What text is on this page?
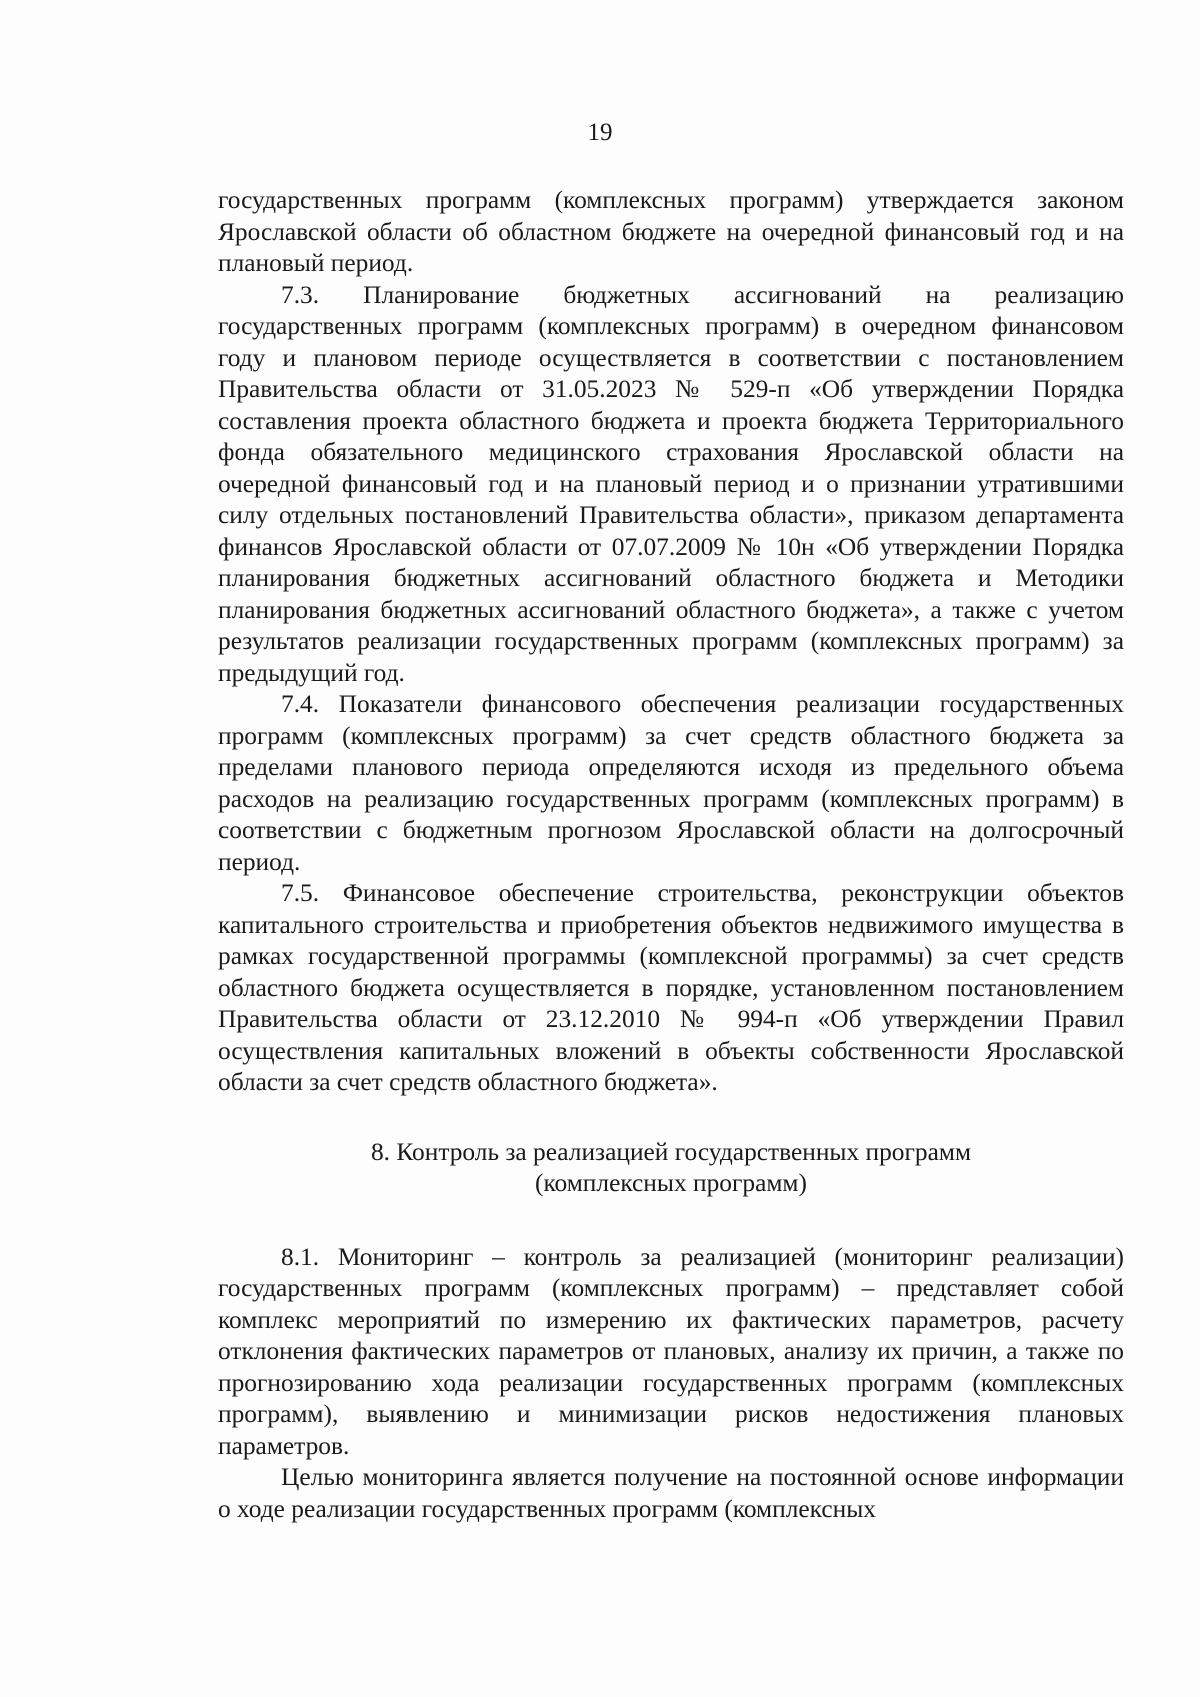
19

государственных программ (комплексных программ) утверждается законом Ярославской области об областном бюджете на очередной финансовый год и на плановый период.

7.3. Планирование бюджетных ассигнований на реализацию государственных программ (комплексных программ) в очередном финансовом году и плановом периоде осуществляется в соответствии с постановлением Правительства области от 31.05.2023 № 529-п «Об утверждении Порядка составления проекта областного бюджета и проекта бюджета Территориального фонда обязательного медицинского страхования Ярославской области на очередной финансовый год и на плановый период и о признании утратившими силу отдельных постановлений Правительства области», приказом департамента финансов Ярославской области от 07.07.2009 № 10н «Об утверждении Порядка планирования бюджетных ассигнований областного бюджета и Методики планирования бюджетных ассигнований областного бюджета», а также с учетом результатов реализации государственных программ (комплексных программ) за предыдущий год.

7.4. Показатели финансового обеспечения реализации государственных программ (комплексных программ) за счет средств областного бюджета за пределами планового периода определяются исходя из предельного объема расходов на реализацию государственных программ (комплексных программ) в соответствии с бюджетным прогнозом Ярославской области на долгосрочный период.

7.5. Финансовое обеспечение строительства, реконструкции объектов капитального строительства и приобретения объектов недвижимого имущества в рамках государственной программы (комплексной программы) за счет средств областного бюджета осуществляется в порядке, установленном постановлением Правительства области от 23.12.2010 № 994-п «Об утверждении Правил осуществления капитальных вложений в объекты собственности Ярославской области за счет средств областного бюджета».

8. Контроль за реализацией государственных программ
(комплексных программ)

8.1. Мониторинг – контроль за реализацией (мониторинг реализации) государственных программ (комплексных программ) – представляет собой комплекс мероприятий по измерению их фактических параметров, расчету отклонения фактических параметров от плановых, анализу их причин, а также по прогнозированию хода реализации государственных программ (комплексных программ), выявлению и минимизации рисков недостижения плановых параметров.

Целью мониторинга является получение на постоянной основе информации о ходе реализации государственных программ (комплексных
